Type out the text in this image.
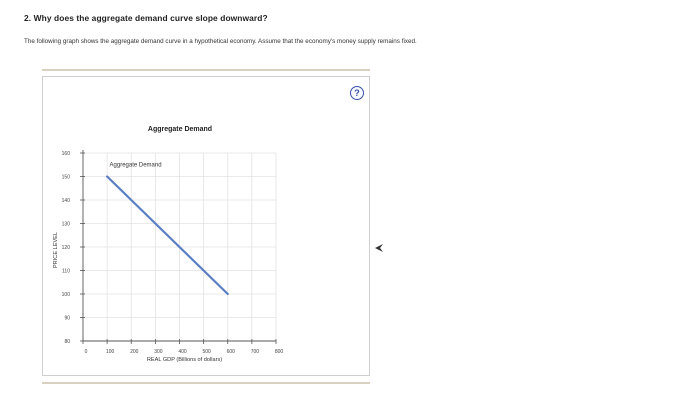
2. Why does the aggregate demand curve slope downward?

The following graph shows the aggregate demand curve in a hypothetical economy. Assume that the economy's money supply remains fixed.

?
Aggregate Demand
80
90
100
110
120
130
140
150
160
0	100	200	300	400	500	600	700	800
REAL GDP (Billions of dollars)
PRICE LEVEL
Aggregate Demand
